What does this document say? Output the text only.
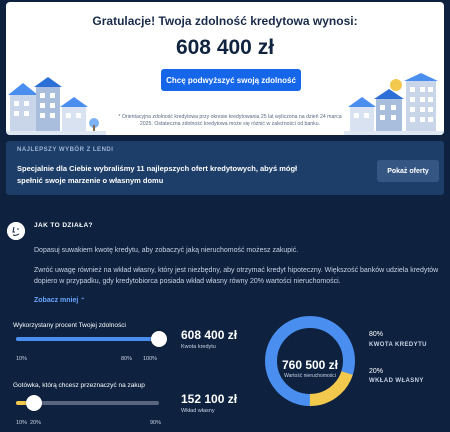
Gratulacje! Twoja zdolność kredytowa wynosi:
608 400 zł
Chcę podwyższyć swoją zdolność
* Orientacyjna zdolność kredytowa przy okresie kredytowania 25 lat wyliczona na dzień 24 marca 2025. Ostateczna zdolność kredytowa może się różnić w zależności od banku.
NAJLEPSZY WYBÓR Z LENDI
Specjalnie dla Ciebie wybraliśmy 11 najlepszych ofert kredytowych, abyś mógł spełnić swoje marzenie o własnym domu
Pokaż oferty
JAK TO DZIAŁA?
Dopasuj suwakiem kwotę kredytu, aby zobaczyć jaką nieruchomość możesz zakupić.
Zwróć uwagę również na wkład własny, który jest niezbędny, aby otrzymać kredyt hipoteczny. Większość banków udziela kredytów dopiero w przypadku, gdy kredytobiorca posiada wkład własny równy 20% wartości nieruchomości.
Zobacz mniej ⌃
Wykorzystany procent Twojej zdolności
10%	80% 100%
608 400 zł
Kwota kredytu
Gotówka, którą chcesz przeznaczyć na zakup
10% 20%	90%
152 100 zł
Wkład własny
760 500 zł
Wartość nieruchomości
80%
KWOTA KREDYTU
20%
WKŁAD WŁASNY
